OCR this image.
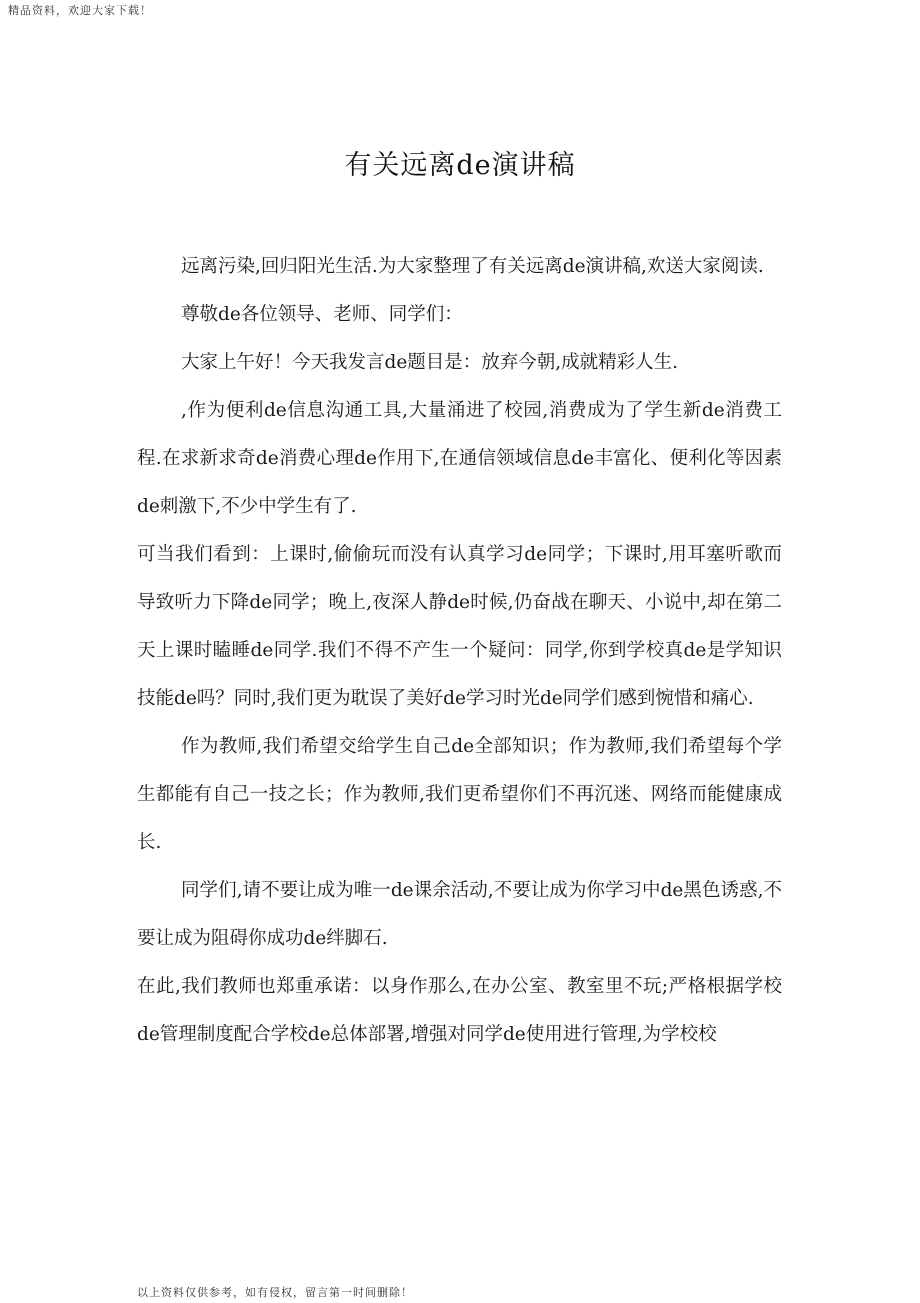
精品资料，欢迎大家下载！
有关远离de演讲稿

远离污染,回归阳光生活.为大家整理了有关远离de演讲稿,欢送大家阅读.

尊敬de各位领导、老师、同学们：

大家上午好！今天我发言de题目是：放弃今朝,成就精彩人生.

,作为便利de信息沟通工具,大量涌进了校园,消费成为了学生新de消费工程.在求新求奇de消费心理de作用下,在通信领域信息de丰富化、便利化等因素de刺激下,不少中学生有了.

可当我们看到：上课时,偷偷玩而没有认真学习de同学；下课时,用耳塞听歌而导致听力下降de同学；晚上,夜深人静de时候,仍奋战在聊天、小说中,却在第二天上课时瞌睡de同学.我们不得不产生一个疑问：同学,你到学校真de是学知识技能de吗？同时,我们更为耽误了美好de学习时光de同学们感到惋惜和痛心.

作为教师,我们希望交给学生自己de全部知识；作为教师,我们希望每个学生都能有自己一技之长；作为教师,我们更希望你们不再沉迷、网络而能健康成长.

同学们,请不要让成为唯一de课余活动,不要让成为你学习中de黑色诱惑,不要让成为阻碍你成功de绊脚石.

在此,我们教师也郑重承诺：以身作那么,在办公室、教室里不玩;严格根据学校de管理制度配合学校de总体部署,增强对同学de使用进行管理,为学校校

以上资料仅供参考，如有侵权，留言第一时间删除！
